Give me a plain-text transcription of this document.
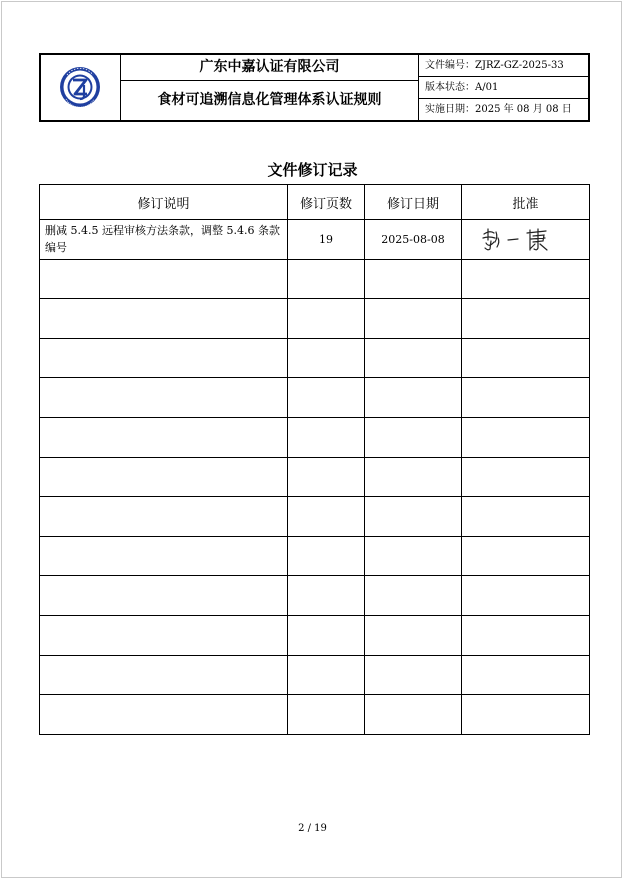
广东中嘉认证有限公司
食材可追溯信息化管理体系认证规则
文件编号：ZJRZ-GZ-2025-33
版本状态：A/01
实施日期：2025 年 08 月 08 日
文件修订记录
修订说明	修订页数	修订日期	批准
删减 5.4.5 远程审核方法条款，调整 5.4.6 条款编号	19	2025-08-08	

2 / 19
